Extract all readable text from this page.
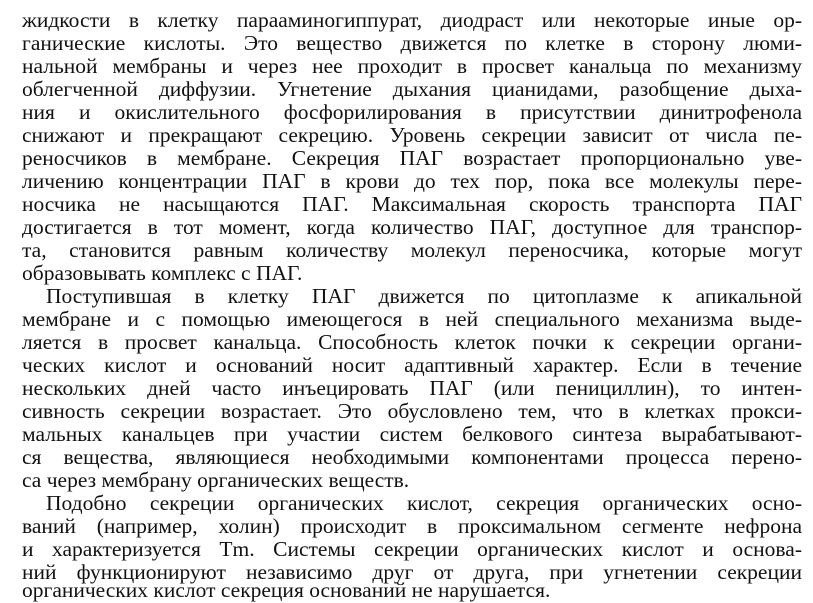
жидкости в клетку парааминогиппурат, диодраст или некоторые иные ор-
ганические кислоты. Это вещество движется по клетке в сторону люми-
нальной мембраны и через нее проходит в просвет канальца по механизму
облегченной диффузии. Угнетение дыхания цианидами, разобщение дыха-
ния и окислительного фосфорилирования в присутствии динитрофенола
снижают и прекращают секрецию. Уровень секреции зависит от числа пе-
реносчиков в мембране. Секреция ПАГ возрастает пропорционально уве-
личению концентрации ПАГ в крови до тех пор, пока все молекулы пере-
носчика не насыщаются ПАГ. Максимальная скорость транспорта ПАГ
достигается в тот момент, когда количество ПАГ, доступное для транспор-
та, становится равным количеству молекул переносчика, которые могут
образовывать комплекс с ПАГ.
Поступившая в клетку ПАГ движется по цитоплазме к апикальной
мембране и с помощью имеющегося в ней специального механизма выде-
ляется в просвет канальца. Способность клеток почки к секреции органи-
ческих кислот и оснований носит адаптивный характер. Если в течение
нескольких дней часто инъецировать ПАГ (или пенициллин), то интен-
сивность секреции возрастает. Это обусловлено тем, что в клетках прокси-
мальных канальцев при участии систем белкового синтеза вырабатывают-
ся вещества, являющиеся необходимыми компонентами процесса перено-
са через мембрану органических веществ.
Подобно секреции органических кислот, секреция органических осно-
ваний (например, холин) происходит в проксимальном сегменте нефрона
и характеризуется Tm. Системы секреции органических кислот и основа-
ний функционируют независимо друг от друга, при угнетении секреции
органических кислот секреция оснований не нарушается.
